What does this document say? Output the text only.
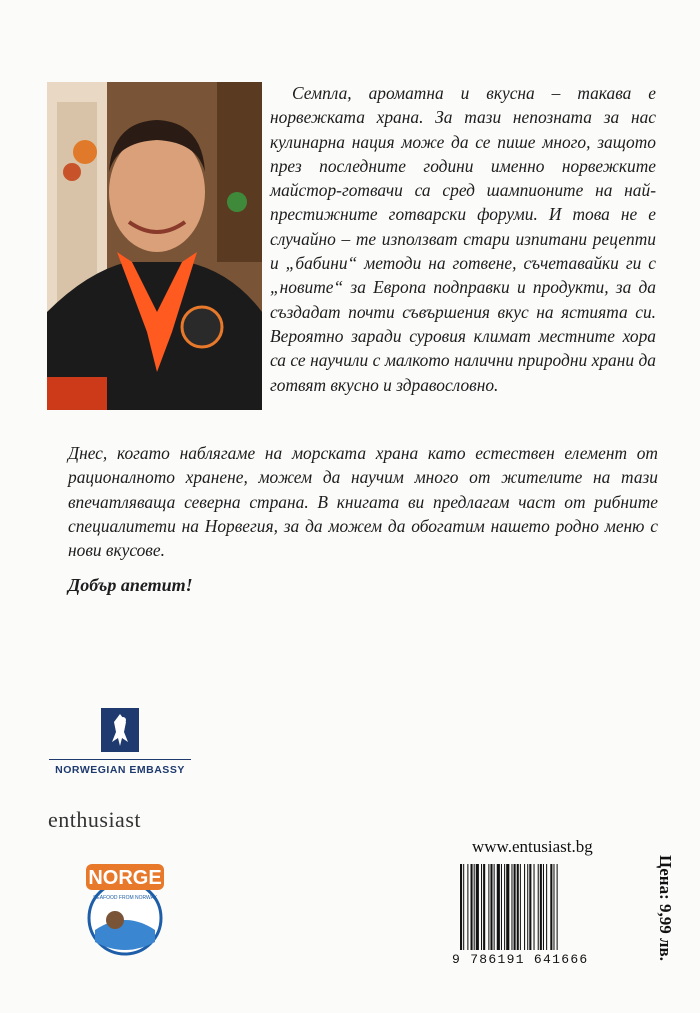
Семпла, ароматна и вкусна – такава е норвежката храна. За тази непозната за нас кулинарна нация може да се пише много, защото през последните години именно норвежките майстор-готвачи са сред шампионите на най-престижните готварски форуми. И това не е случайно – те използват стари изпитани рецепти и „бабини“ методи на готвене, съчетавайки ги с „новите“ за Европа подправки и продукти, за да създадат почти съвършения вкус на ястията си. Вероятно заради суровия климат местните хора са се научили с малкото налични природни храни да готвят вкусно и здравословно.

Днес, когато наблягаме на морската храна като естествен елемент от рационалното хранене, можем да научим много от жителите на тази впечатляваща северна страна. В книгата ви предлагам част от рибните специалитети на Норвегия, за да можем да обогатим нашето родно меню с нови вкусове.

Добър апетит!

NORWEGIAN EMBASSY
enthusiast
NORGE
SEAFOOD FROM NORWAY
www.entusiast.bg
9 786191 641666	Цена: 9,99 лв.
